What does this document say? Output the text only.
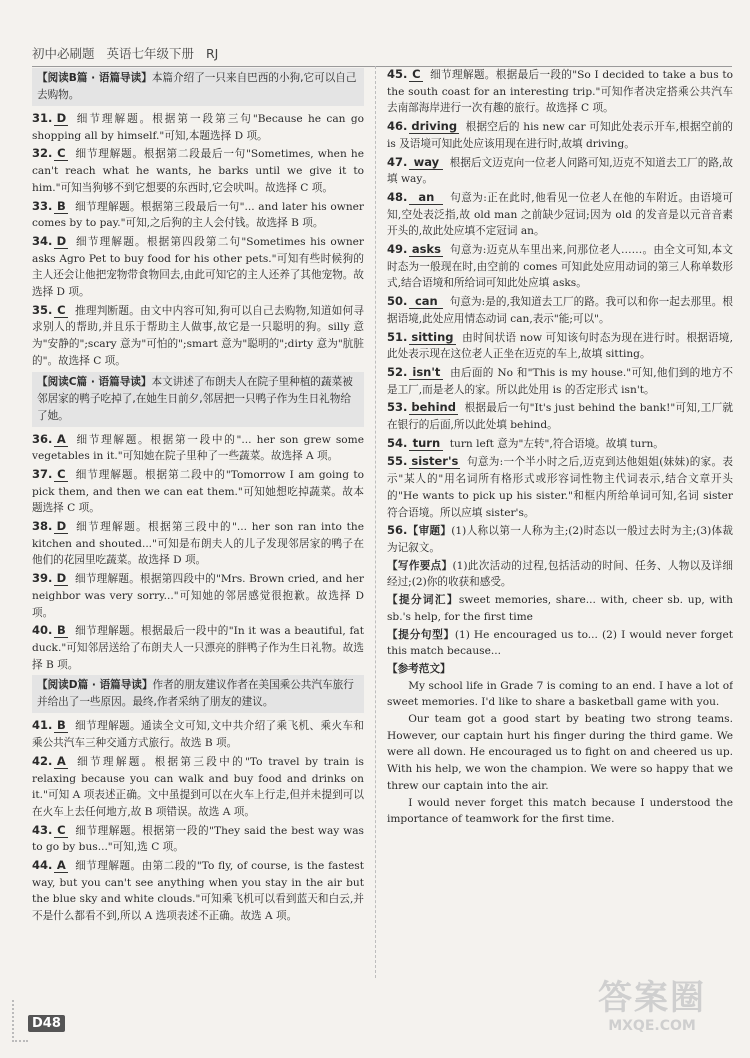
初中必刷题 英语七年级下册 RJ
【阅读B篇 · 语篇导读】本篇介绍了一只来自巴西的小狗,它可以自己去购物。

31. D 细节理解题。根据第一段第三句"Because he can go shopping all by himself."可知,本题选择 D 项。

32. C 细节理解题。根据第二段最后一句"Sometimes, when he can't reach what he wants, he barks until we give it to him."可知当狗够不到它想要的东西时,它会吠叫。故选择 C 项。

33. B 细节理解题。根据第三段最后一句"... and later his owner comes by to pay."可知,之后狗的主人会付钱。故选择 B 项。

34. D 细节理解题。根据第四段第二句"Sometimes his owner asks Agro Pet to buy food for his other pets."可知有些时候狗的主人还会让他把宠物带食物回去,由此可知它的主人还养了其他宠物。故选择 D 项。

35. C 推理判断题。由文中内容可知,狗可以自己去购物,知道如何寻求别人的帮助,并且乐于帮助主人做事,故它是一只聪明的狗。silly 意为"安静的";scary 意为"可怕的";smart 意为"聪明的";dirty 意为"肮脏的"。故选择 C 项。

【阅读C篇 · 语篇导读】本文讲述了布朗夫人在院子里种植的蔬菜被邻居家的鸭子吃掉了,在她生日前夕,邻居把一只鸭子作为生日礼物给了她。

36. A 细节理解题。根据第一段中的"... her son grew some vegetables in it."可知她在院子里种了一些蔬菜。故选择 A 项。

37. C 细节理解题。根据第二段中的"Tomorrow I am going to pick them, and then we can eat them."可知她想吃掉蔬菜。故本题选择 C 项。

38. D 细节理解题。根据第三段中的"... her son ran into the kitchen and shouted..."可知是布朗夫人的儿子发现邻居家的鸭子在他们的花园里吃蔬菜。故选择 D 项。

39. D 细节理解题。根据第四段中的"Mrs. Brown cried, and her neighbor was very sorry..."可知她的邻居感觉很抱歉。故选择 D 项。

40. B 细节理解题。根据最后一段中的"In it was a beautiful, fat duck."可知邻居送给了布朗夫人一只漂亮的胖鸭子作为生日礼物。故选择 B 项。

【阅读D篇 · 语篇导读】作者的朋友建议作者在美国乘公共汽车旅行并给出了一些原因。最终,作者采纳了朋友的建议。

41. B 细节理解题。通读全文可知,文中共介绍了乘飞机、乘火车和乘公共汽车三种交通方式旅行。故选 B 项。

42. A 细节理解题。根据第三段中的"To travel by train is relaxing because you can walk and buy food and drinks on it."可知 A 项表述正确。文中虽提到可以在火车上行走,但并未提到可以在火车上去任何地方,故 B 项错误。故选 A 项。

43. C 细节理解题。根据第一段的"They said the best way was to go by bus..."可知,选 C 项。

44. A 细节理解题。由第二段的"To fly, of course, is the fastest way, but you can't see anything when you stay in the air but the blue sky and white clouds."可知乘飞机可以看到蓝天和白云,并不是什么都看不到,所以 A 选项表述不正确。故选 A 项。

45. C 细节理解题。根据最后一段的"So I decided to take a bus to the south coast for an interesting trip."可知作者决定搭乘公共汽车去南部海岸进行一次有趣的旅行。故选择 C 项。

46. driving 根据空后的 his new car 可知此处表示开车,根据空前的 is 及语境可知此处应该用现在进行时,故填 driving。

47. way 根据后文迈克向一位老人问路可知,迈克不知道去工厂的路,故填 way。

48. an 句意为:正在此时,他看见一位老人在他的车附近。由语境可知,空处表泛指,故 old man 之前缺少冠词;因为 old 的发音是以元音音素开头的,故此处应填不定冠词 an。

49. asks 句意为:迈克从车里出来,问那位老人……。由全文可知,本文时态为一般现在时,由空前的 comes 可知此处应用动词的第三人称单数形式,结合语境和所给词可知此处应填 asks。

50. can 句意为:是的,我知道去工厂的路。我可以和你一起去那里。根据语境,此处应用情态动词 can,表示"能;可以"。

51. sitting 由时间状语 now 可知该句时态为现在进行时。根据语境,此处表示现在这位老人正坐在迈克的车上,故填 sitting。

52. isn't 由后面的 No 和"This is my house."可知,他们到的地方不是工厂,而是老人的家。所以此处用 is 的否定形式 isn't。

53. behind 根据最后一句"It's just behind the bank!"可知,工厂就在银行的后面,所以此处填 behind。

54. turn turn left 意为"左转",符合语境。故填 turn。

55. sister's 句意为:一个半小时之后,迈克到达他姐姐(妹妹)的家。表示"某人的"用名词所有格形式或形容词性物主代词表示,结合文章开头的"He wants to pick up his sister."和框内所给单词可知,名词 sister 符合语境。所以应填 sister's。

56.【审题】(1)人称以第一人称为主;(2)时态以一般过去时为主;(3)体裁为记叙文。

【写作要点】(1)此次活动的过程,包括活动的时间、任务、人物以及详细经过;(2)你的收获和感受。

【提分词汇】sweet memories, share... with, cheer sb. up, with sb.'s help, for the first time

【提分句型】(1) He encouraged us to... (2) I would never forget this match because...

【参考范文】

My school life in Grade 7 is coming to an end. I have a lot of sweet memories. I'd like to share a basketball game with you.

Our team got a good start by beating two strong teams. However, our captain hurt his finger during the third game. We were all down. He encouraged us to fight on and cheered us up. With his help, we won the champion. We were so happy that we threw our captain into the air.

I would never forget this match because I understood the importance of teamwork for the first time.

D48
答案圈
MXQE.COM
